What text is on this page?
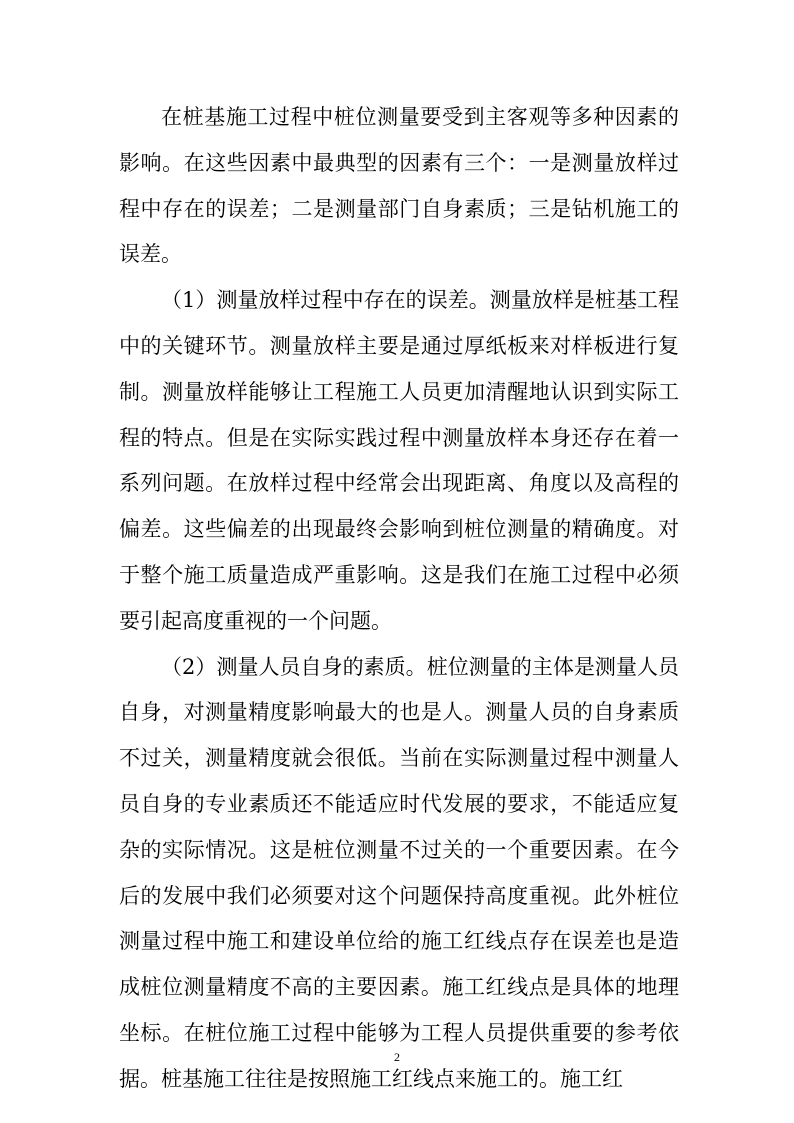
在桩基施工过程中桩位测量要受到主客观等多种因素的影响。在这些因素中最典型的因素有三个：一是测量放样过程中存在的误差；二是测量部门自身素质；三是钻机施工的误差。

（1）测量放样过程中存在的误差。测量放样是桩基工程中的关键环节。测量放样主要是通过厚纸板来对样板进行复制。测量放样能够让工程施工人员更加清醒地认识到实际工程的特点。但是在实际实践过程中测量放样本身还存在着一系列问题。在放样过程中经常会出现距离、角度以及高程的偏差。这些偏差的出现最终会影响到桩位测量的精确度。对于整个施工质量造成严重影响。这是我们在施工过程中必须要引起高度重视的一个问题。

（2）测量人员自身的素质。桩位测量的主体是测量人员自身，对测量精度影响最大的也是人。测量人员的自身素质不过关，测量精度就会很低。当前在实际测量过程中测量人员自身的专业素质还不能适应时代发展的要求，不能适应复杂的实际情况。这是桩位测量不过关的一个重要因素。在今后的发展中我们必须要对这个问题保持高度重视。此外桩位测量过程中施工和建设单位给的施工红线点存在误差也是造成桩位测量精度不高的主要因素。施工红线点是具体的地理坐标。在桩位施工过程中能够为工程人员提供重要的参考依据。桩基施工往往是按照施工红线点来施工的。施工红

2
